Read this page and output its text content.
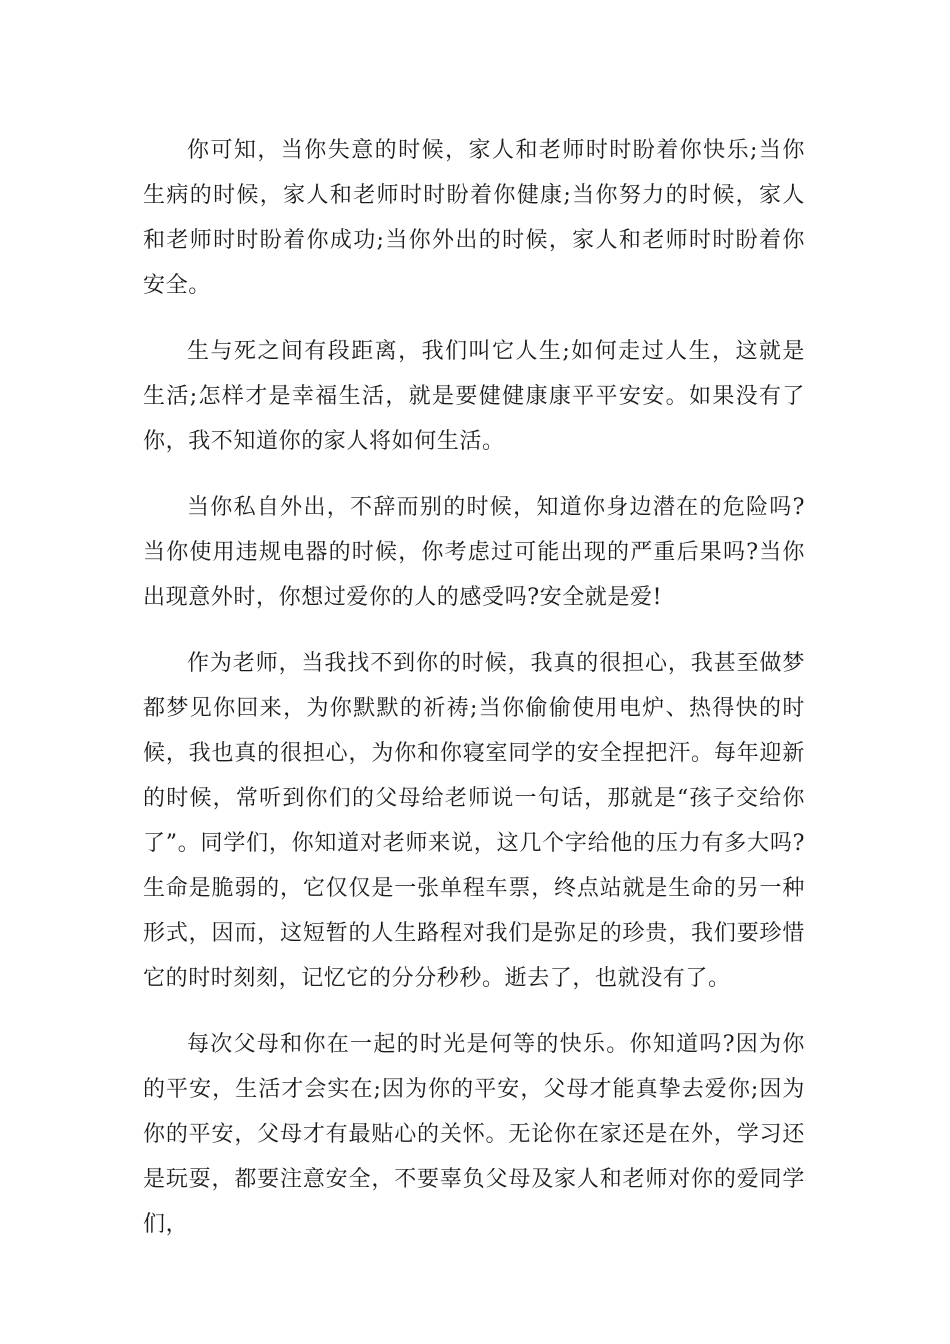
你可知，当你失意的时候，家人和老师时时盼着你快乐;当你生病的时候，家人和老师时时盼着你健康;当你努力的时候，家人和老师时时盼着你成功;当你外出的时候，家人和老师时时盼着你安全。

生与死之间有段距离，我们叫它人生;如何走过人生，这就是生活;怎样才是幸福生活，就是要健健康康平平安安。如果没有了你，我不知道你的家人将如何生活。

当你私自外出，不辞而别的时候，知道你身边潜在的危险吗?当你使用违规电器的时候，你考虑过可能出现的严重后果吗?当你出现意外时，你想过爱你的人的感受吗?安全就是爱!

作为老师，当我找不到你的时候，我真的很担心，我甚至做梦都梦见你回来，为你默默的祈祷;当你偷偷使用电炉、热得快的时候，我也真的很担心，为你和你寝室同学的安全捏把汗。每年迎新的时候，常听到你们的父母给老师说一句话，那就是“孩子交给你了”。同学们，你知道对老师来说，这几个字给他的压力有多大吗?生命是脆弱的，它仅仅是一张单程车票，终点站就是生命的另一种形式，因而，这短暂的人生路程对我们是弥足的珍贵，我们要珍惜它的时时刻刻，记忆它的分分秒秒。逝去了，也就没有了。

每次父母和你在一起的时光是何等的快乐。你知道吗?因为你的平安，生活才会实在;因为你的平安，父母才能真挚去爱你;因为你的平安，父母才有最贴心的关怀。无论你在家还是在外，学习还是玩耍，都要注意安全，不要辜负父母及家人和老师对你的爱同学们，
